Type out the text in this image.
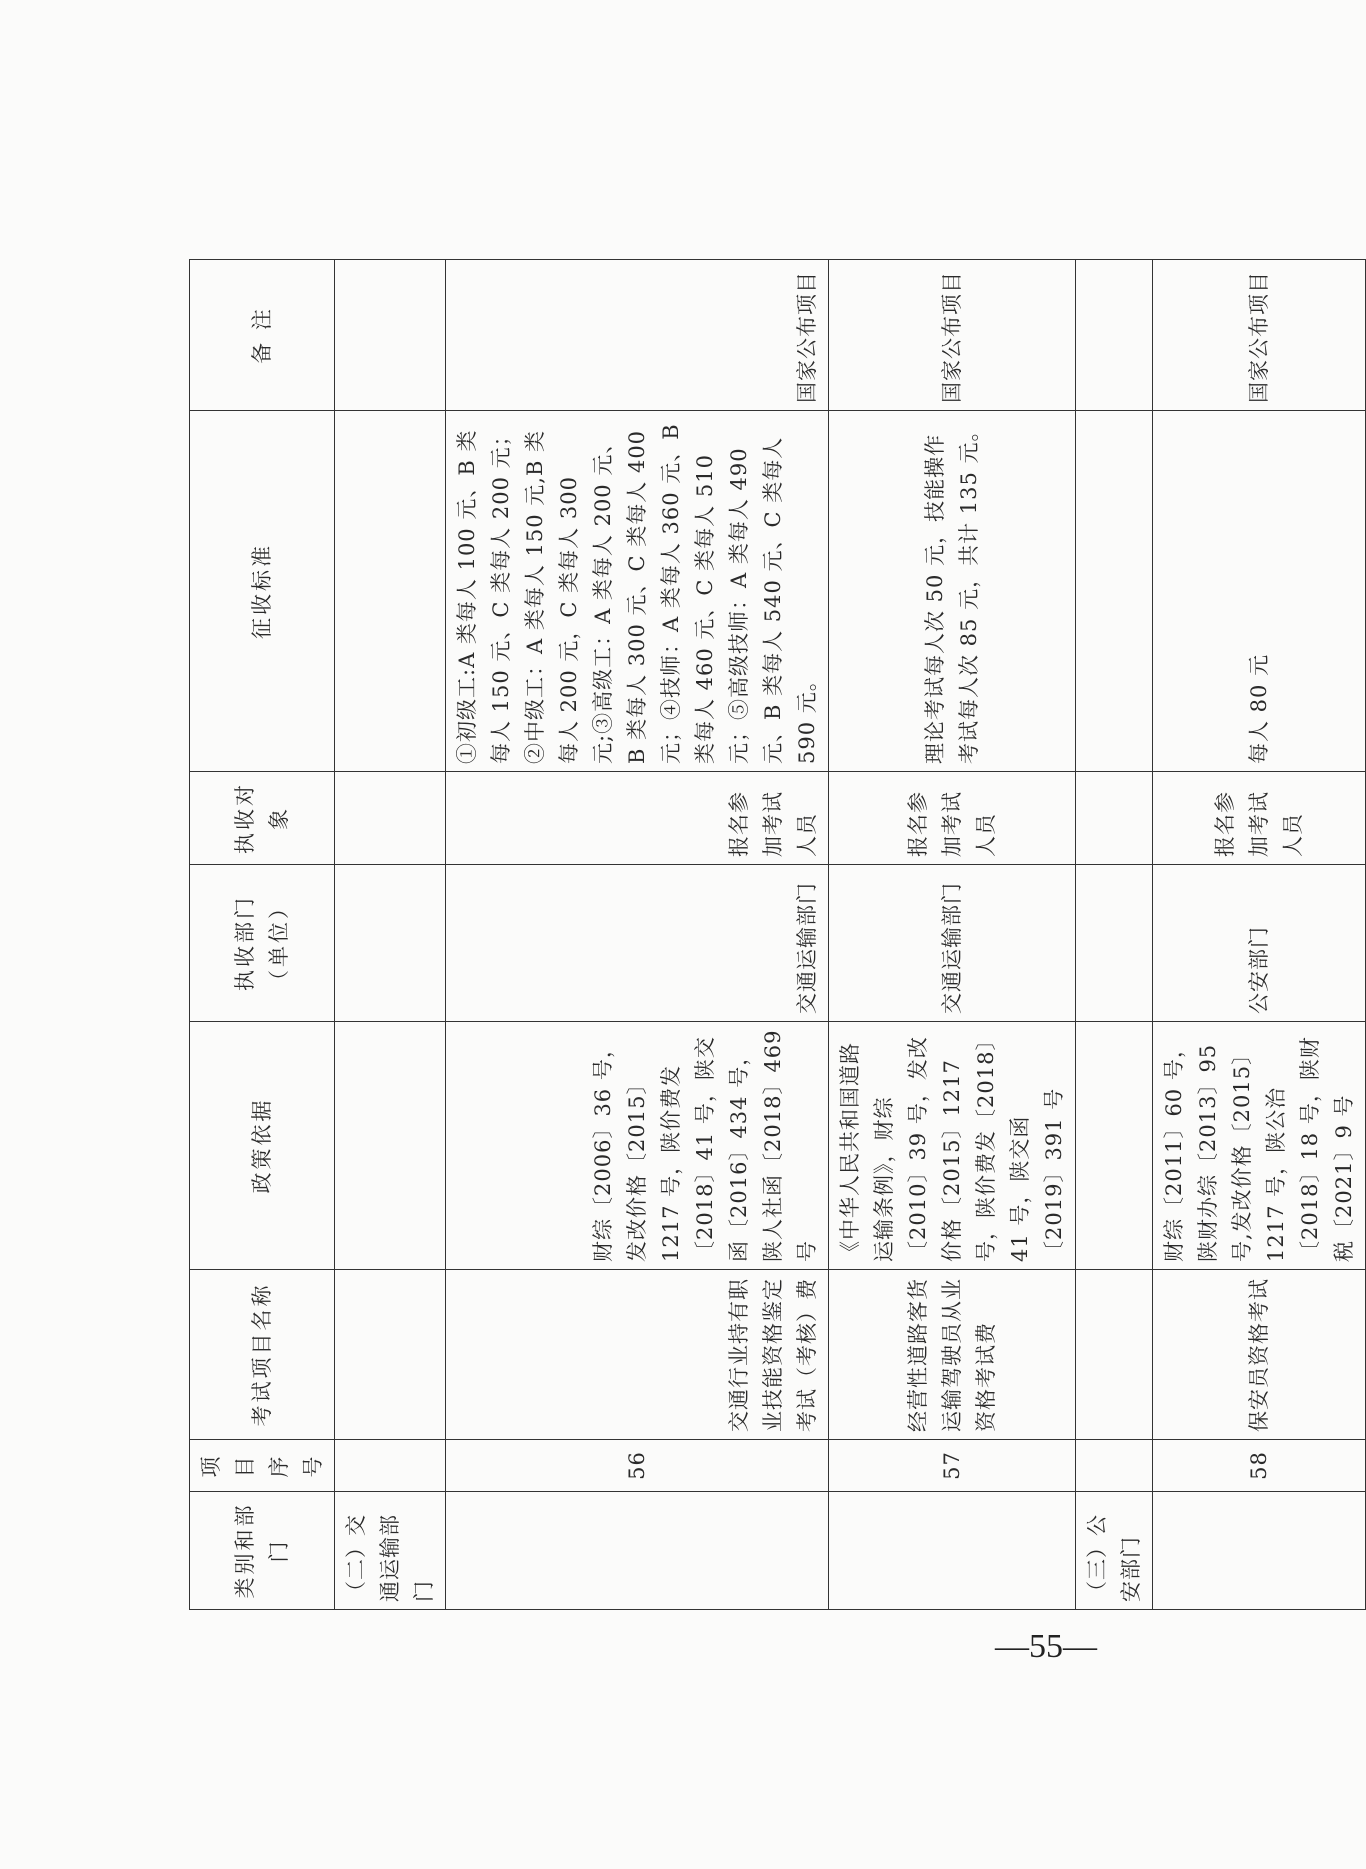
类别和部门	项目序号	考试项目名称	政策依据	执收部门（单位）	执收对象	征收标准	备 注
（二）交通运输部门							
	56	交通行业持有职业技能资格鉴定考试（考核）费	财综〔2006〕36 号，发改价格〔2015〕1217 号，陕价费发〔2018〕41 号，陕交函〔2016〕434 号，陕人社函〔2018〕469 号	交通运输部门	报名参加考试人员	①初级工:A 类每人 100 元、B 类每人 150 元、C 类每人 200 元；②中级工：A 类每人 150 元,B 类每人 200 元，C 类每人 300 元;③高级工：A 类每人 200 元、B 类每人 300 元、C 类每人 400 元；④技师：A 类每人 360 元、B 类每人 460 元、C 类每人 510 元；⑤高级技师：A 类每人 490 元、B 类每人 540 元、C 类每人 590 元。	国家公布项目
	57	经营性道路客货运输驾驶员从业资格考试费	《中华人民共和国道路运输条例》，财综〔2010〕39 号，发改价格〔2015〕1217 号，陕价费发〔2018〕41 号，陕交函〔2019〕391 号	交通运输部门	报名参加考试人员	理论考试每人次 50 元，技能操作考试每人次 85 元，共计 135 元。	国家公布项目
（三）公安部门							
	58	保安员资格考试	财综〔2011〕60 号，陕财办综〔2013〕95 号,发改价格〔2015〕1217 号，陕公治〔2018〕18 号，陕财税〔2021〕9 号	公安部门	报名参加考试人员	每人 80 元	国家公布项目
—55—
